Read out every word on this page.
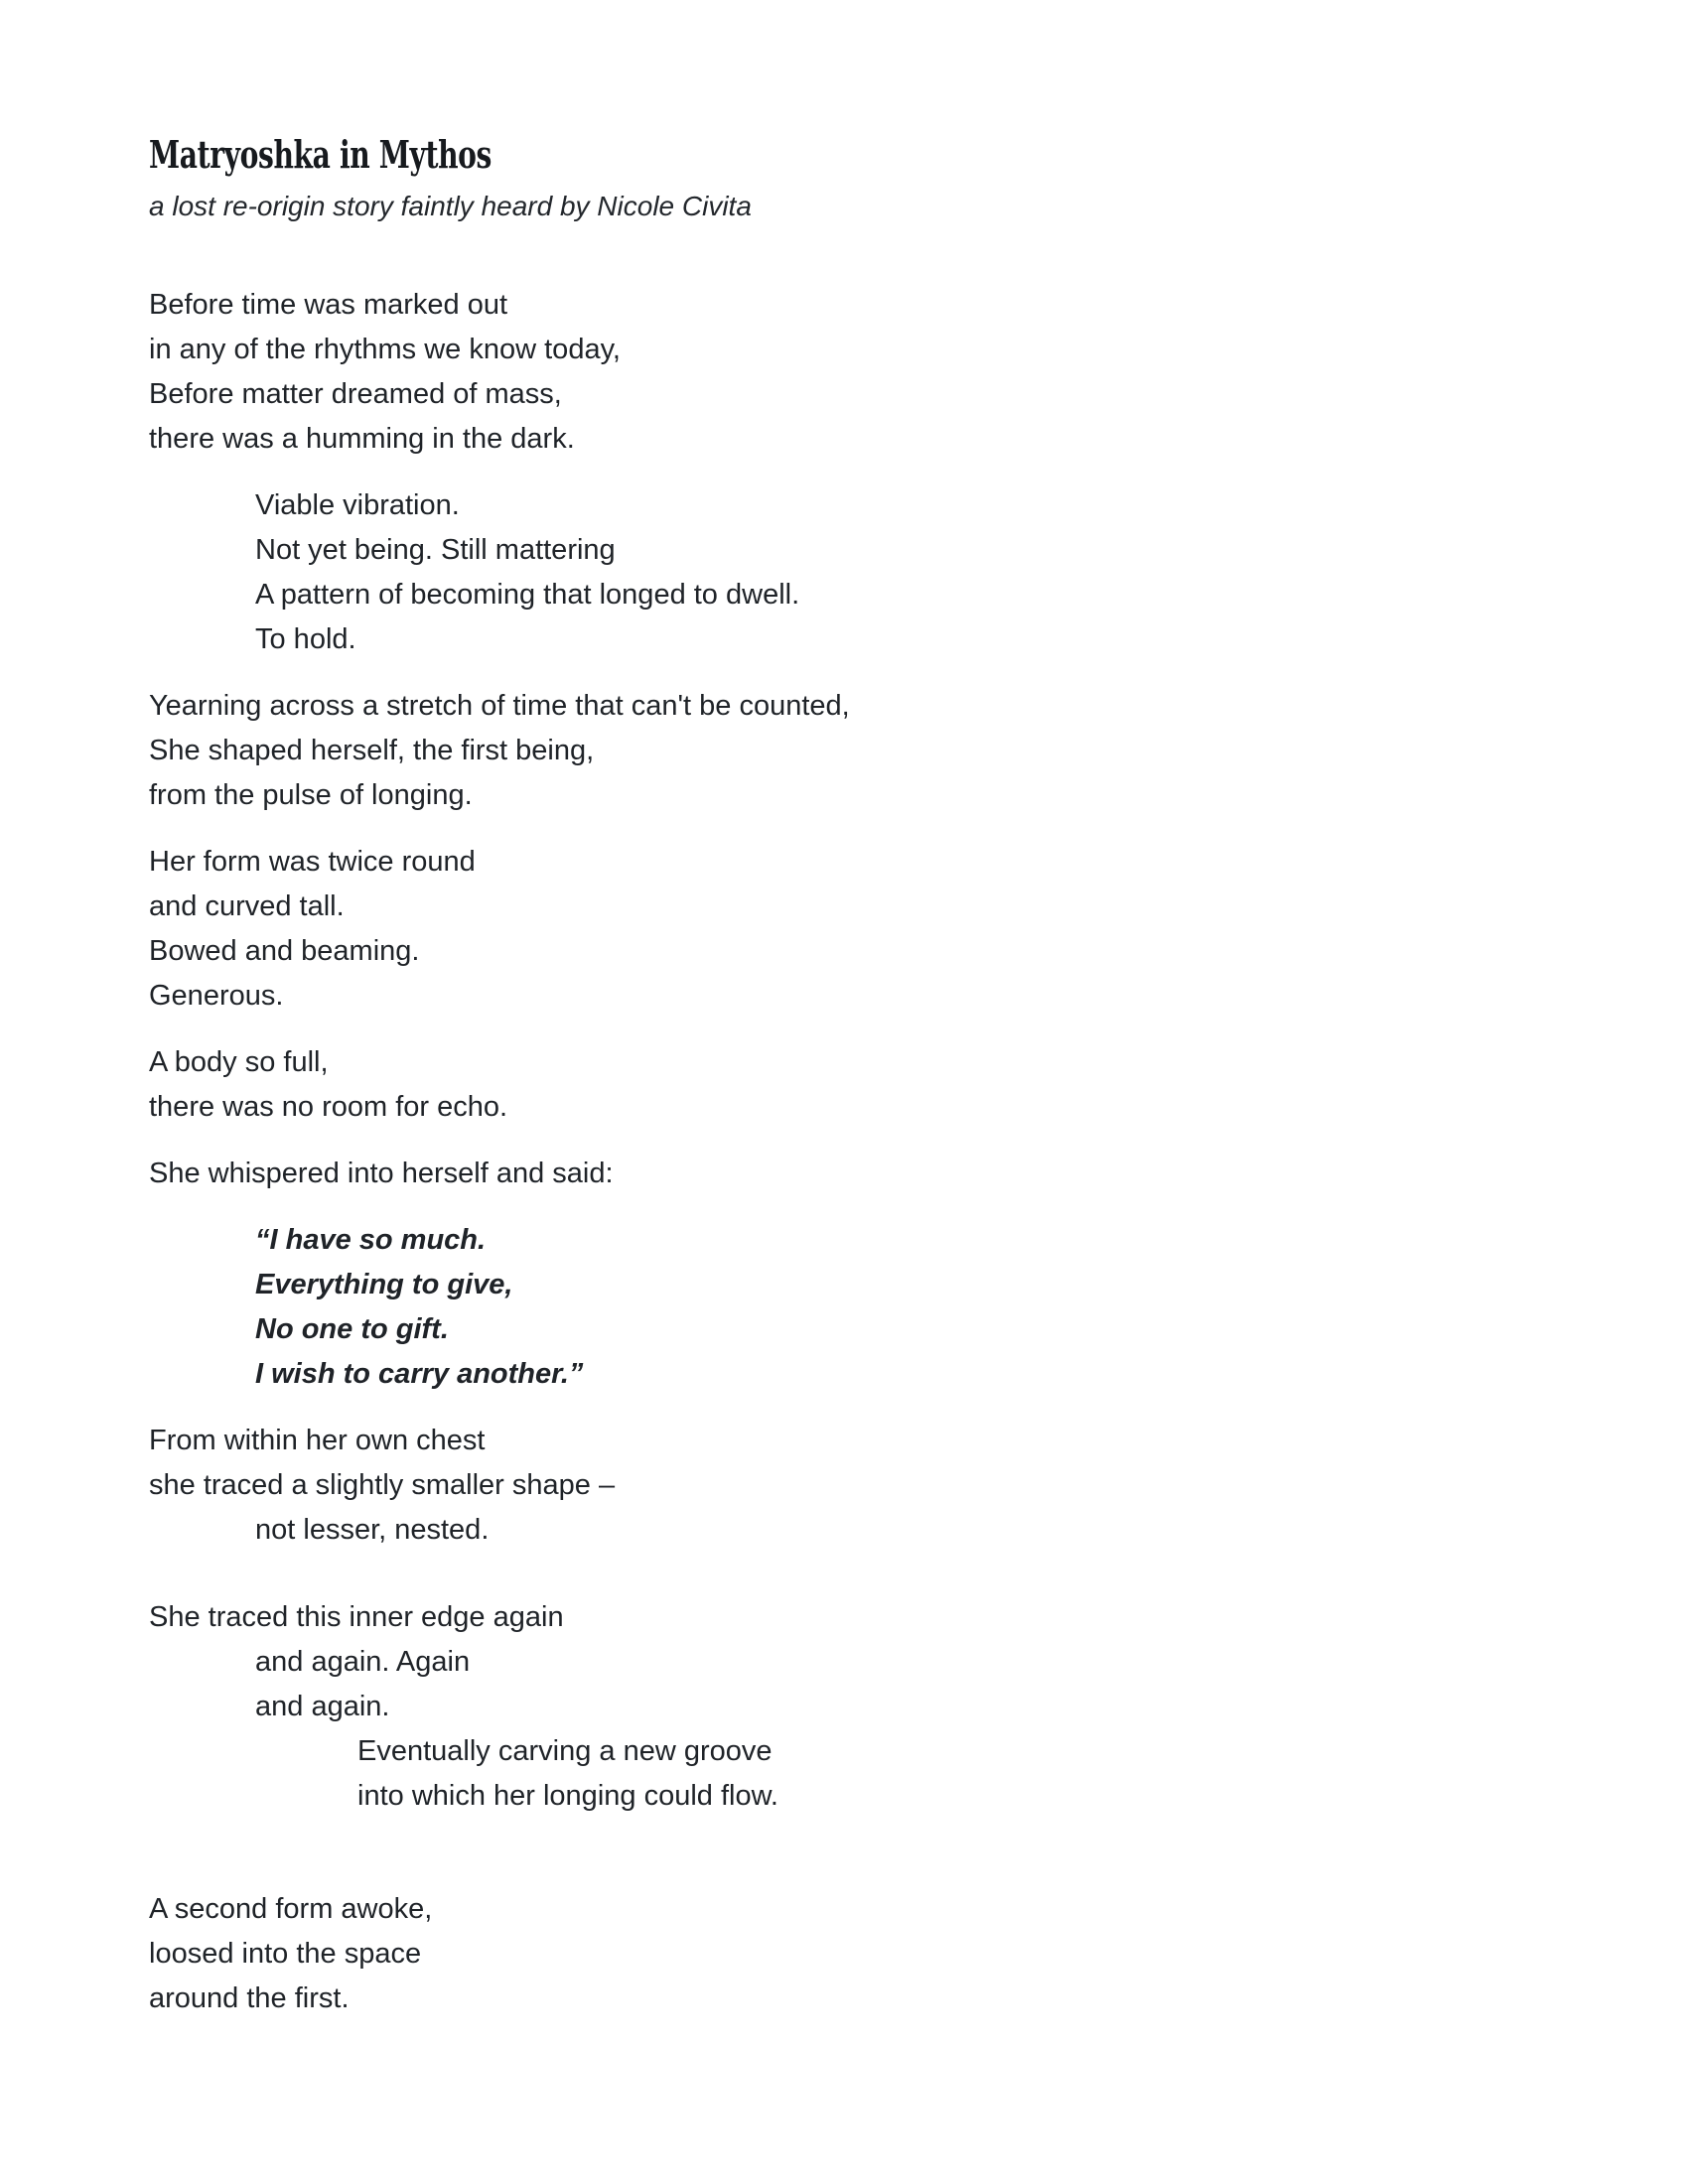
Matryoshka in Mythos

a lost re-origin story faintly heard by Nicole Civita

Before time was marked out
in any of the rhythms we know today,
Before matter dreamed of mass,
there was a humming in the dark.
Viable vibration.
Not yet being. Still mattering
A pattern of becoming that longed to dwell.
To hold.
Yearning across a stretch of time that can't be counted,
She shaped herself, the first being,
from the pulse of longing.
Her form was twice round
and curved tall.
Bowed and beaming.
Generous.
A body so full,
there was no room for echo.
She whispered into herself and said:
“I have so much.
Everything to give,
No one to gift.
I wish to carry another.”
From within her own chest
she traced a slightly smaller shape –
not lesser, nested.
She traced this inner edge again
and again. Again
and again.
Eventually carving a new groove
into which her longing could flow.
A second form awoke,
loosed into the space
around the first.
